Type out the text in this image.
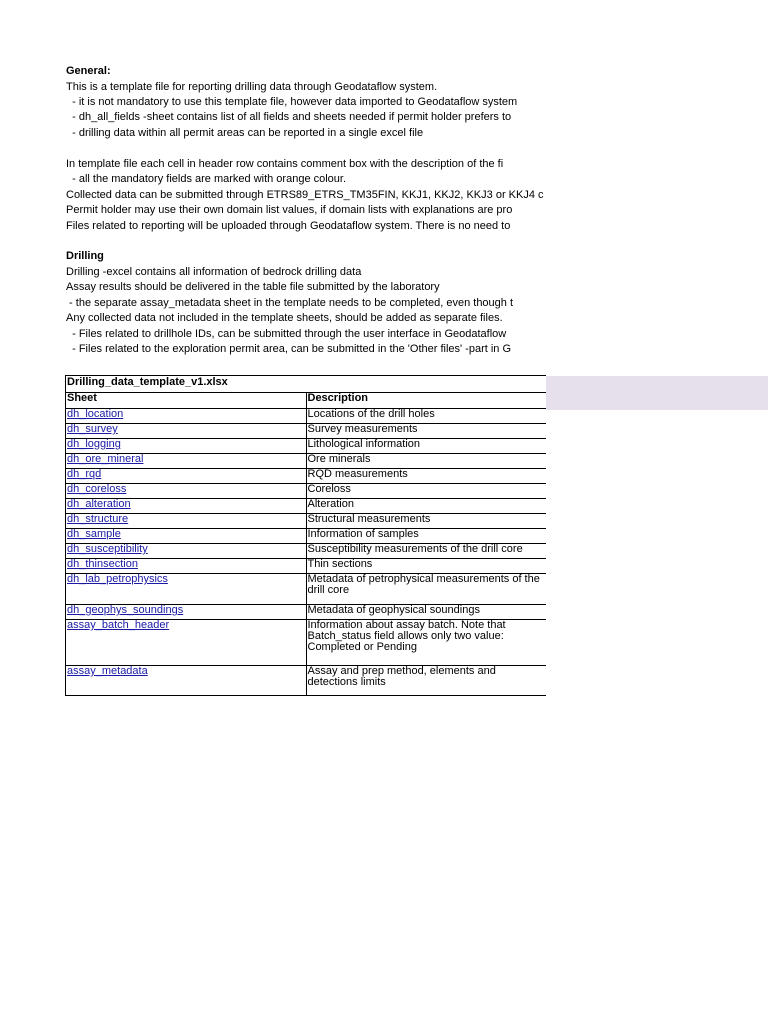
General:
This is a template file for reporting drilling data through Geodataflow system.
- it is not mandatory to use this template file, however data imported to Geodataflow system
- dh_all_fields -sheet contains list of all fields and sheets needed if permit holder prefers to
- drilling data within all permit areas can be reported in a single excel file
In template file each cell in header row contains comment box with the description of the fi
- all the mandatory fields are marked with orange colour.
Collected data can be submitted through ETRS89_ETRS_TM35FIN, KKJ1, KKJ2, KKJ3 or KKJ4 c
Permit holder may use their own domain list values, if domain lists with explanations are pro
Files related to reporting will be uploaded through Geodataflow system. There is no need to
Drilling
Drilling -excel contains all information of bedrock drilling data
Assay results should be delivered in the table file submitted by the laboratory
- the separate assay_metadata sheet in the template needs to be completed, even though t
Any collected data not included in the template sheets, should be added as separate files.
- Files related to drillhole IDs, can be submitted through the user interface in Geodataflow
- Files related to the exploration permit area, can be submitted in the 'Other files' -part in G
Drilling_data_template_v1.xlsx	
Sheet	Description
dh_location	Locations of the drill holes
dh_survey	Survey measurements
dh_logging	Lithological information
dh_ore_mineral	Ore minerals
dh_rqd	RQD measurements
dh_coreloss	Coreloss
dh_alteration	Alteration
dh_structure	Structural measurements
dh_sample	Information of samples
dh_susceptibility	Susceptibility measurements of the drill core
dh_thinsection	Thin sections
dh_lab_petrophysics	Metadata of petrophysical measurements of the drill core
dh_geophys_soundings	Metadata of geophysical soundings
assay_batch_header	Information about assay batch. Note that Batch_status field allows only two value: Completed or Pending
assay_metadata	Assay and prep method, elements and detections limits
